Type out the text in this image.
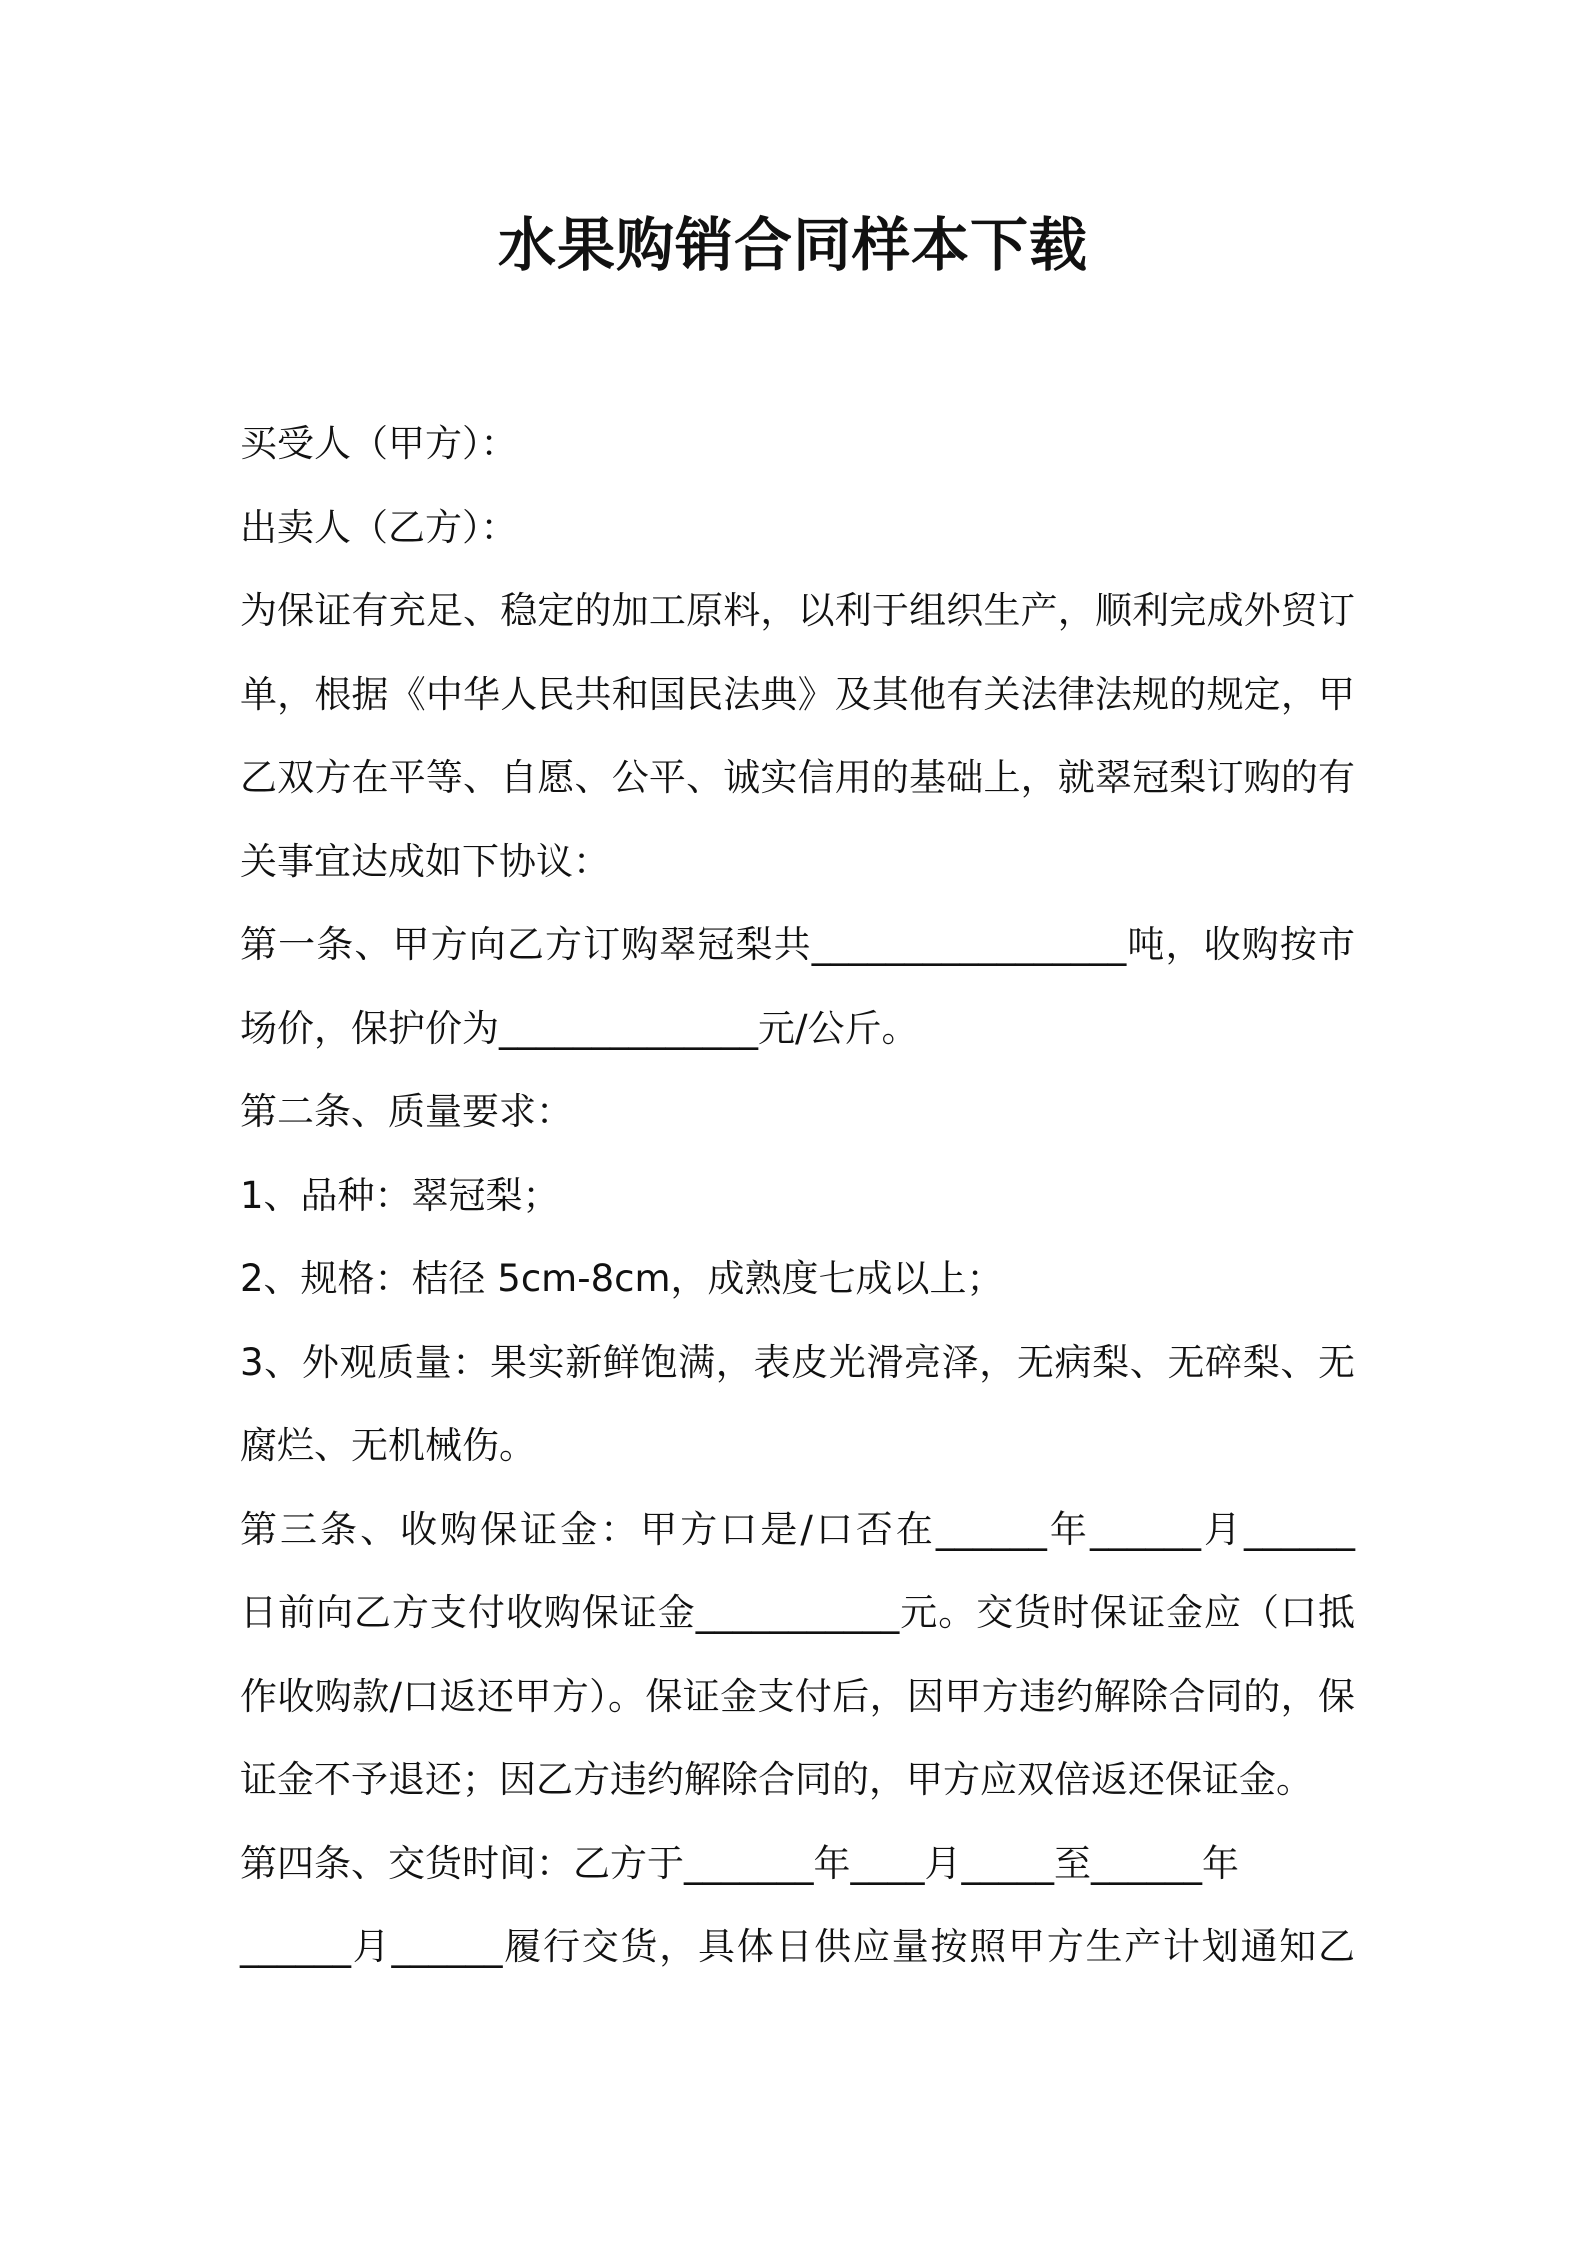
水果购销合同样本下载
买受人（甲方）：
出卖人（乙方）：
为保证有充足、稳定的加工原料，以利于组织生产，顺利完成外贸订
单，根据《中华人民共和国民法典》及其他有关法律法规的规定，甲
乙双方在平等、自愿、公平、诚实信用的基础上，就翠冠梨订购的有
关事宜达成如下协议：
第一条、甲方向乙方订购翠冠梨共_________________吨，收购按市
场价，保护价为______________元/公斤。
第二条、质量要求：
1、品种：翠冠梨；
2、规格：桔径 5cm-8cm，成熟度七成以上；
3、外观质量：果实新鲜饱满，表皮光滑亮泽，无病梨、无碎梨、无
腐烂、无机械伤。
第三条、收购保证金：甲方口是/口否在______年______月______
日前向乙方支付收购保证金___________元。交货时保证金应（口抵
作收购款/口返还甲方）。保证金支付后，因甲方违约解除合同的，保
证金不予退还；因乙方违约解除合同的，甲方应双倍返还保证金。
第四条、交货时间：乙方于_______年____月_____至______年
______月______履行交货，具体日供应量按照甲方生产计划通知乙
